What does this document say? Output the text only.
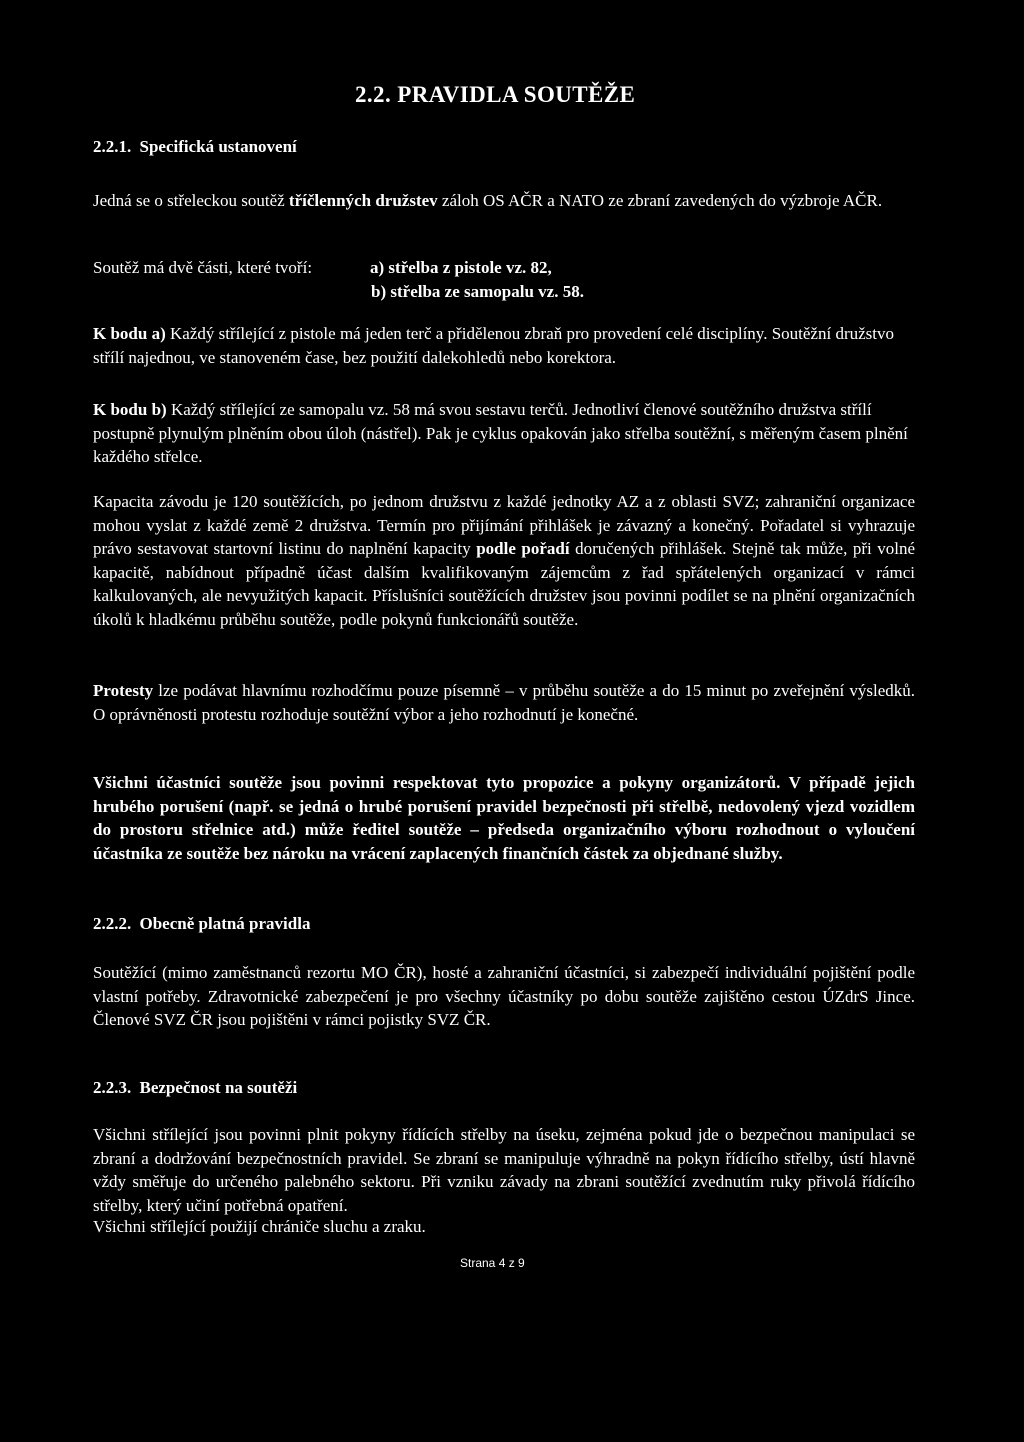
2.2. PRAVIDLA SOUTĚŽE
2.2.1. Specifická ustanovení

Jedná se o střeleckou soutěž tříčlenných družstev záloh OS AČR a NATO ze zbraní zavedených do výzbroje AČR.

Soutěž má dvě části, které tvoří:	a) střelba z pistole vz. 82,
b) střelba ze samopalu vz. 58.

K bodu a) Každý střílející z pistole má jeden terč a přidělenou zbraň pro provedení celé disciplíny. Soutěžní družstvo střílí najednou, ve stanoveném čase, bez použití dalekohledů nebo korektora.

K bodu b) Každý střílející ze samopalu vz. 58 má svou sestavu terčů. Jednotliví členové soutěžního družstva střílí postupně plynulým plněním obou úloh (nástřel). Pak je cyklus opakován jako střelba soutěžní, s měřeným časem plnění každého střelce.

Kapacita závodu je 120 soutěžících, po jednom družstvu z každé jednotky AZ a z oblasti SVZ; zahraniční organizace mohou vyslat z každé země 2 družstva. Termín pro přijímání přihlášek je závazný a konečný. Pořadatel si vyhrazuje právo sestavovat startovní listinu do naplnění kapacity podle pořadí doručených přihlášek. Stejně tak může, při volné kapacitě, nabídnout případně účast dalším kvalifikovaným zájemcům z řad spřátelených organizací v rámci kalkulovaných, ale nevyužitých kapacit. Příslušníci soutěžících družstev jsou povinni podílet se na plnění organizačních úkolů k hladkému průběhu soutěže, podle pokynů funkcionářů soutěže.

Protesty lze podávat hlavnímu rozhodčímu pouze písemně – v průběhu soutěže a do 15 minut po zveřejnění výsledků. O oprávněnosti protestu rozhoduje soutěžní výbor a jeho rozhodnutí je konečné.

Všichni účastníci soutěže jsou povinni respektovat tyto propozice a pokyny organizátorů. V případě jejich hrubého porušení (např. se jedná o hrubé porušení pravidel bezpečnosti při střelbě, nedovolený vjezd vozidlem do prostoru střelnice atd.) může ředitel soutěže – předseda organizačního výboru rozhodnout o vyloučení účastníka ze soutěže bez nároku na vrácení zaplacených finančních částek za objednané služby.

2.2.2. Obecně platná pravidla

Soutěžící (mimo zaměstnanců rezortu MO ČR), hosté a zahraniční účastníci, si zabezpečí individuální pojištění podle vlastní potřeby. Zdravotnické zabezpečení je pro všechny účastníky po dobu soutěže zajištěno cestou ÚZdrS Jince. Členové SVZ ČR jsou pojištěni v rámci pojistky SVZ ČR.

2.2.3. Bezpečnost na soutěži

Všichni střílející jsou povinni plnit pokyny řídících střelby na úseku, zejména pokud jde o bezpečnou manipulaci se zbraní a dodržování bezpečnostních pravidel. Se zbraní se manipuluje výhradně na pokyn řídícího střelby, ústí hlavně vždy směřuje do určeného palebného sektoru. Při vzniku závady na zbrani soutěžící zvednutím ruky přivolá řídícího střelby, který učiní potřebná opatření.

Všichni střílející použijí chrániče sluchu a zraku.

Strana 4 z 9
